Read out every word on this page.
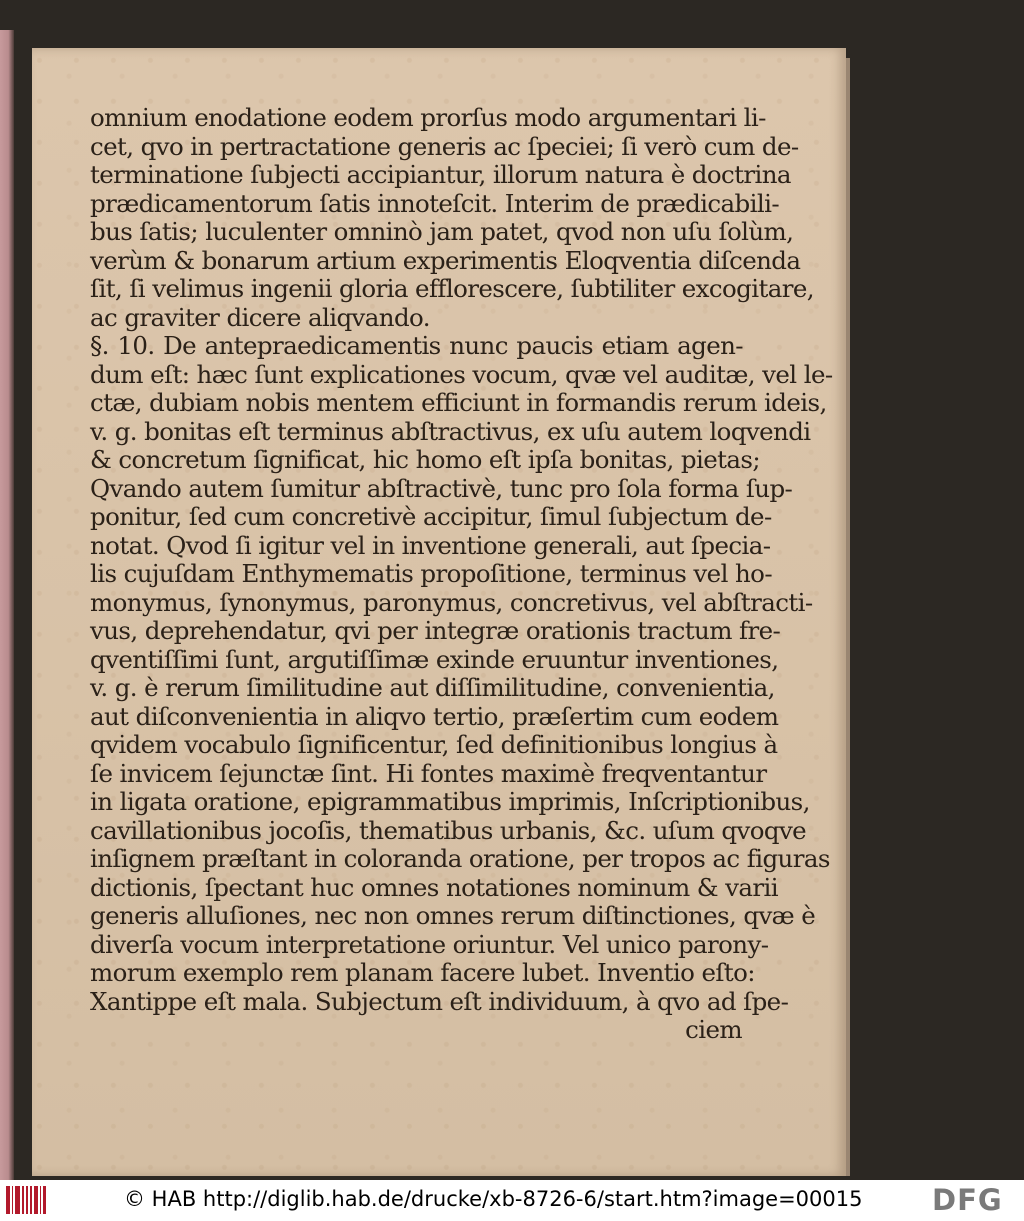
omnium enodatione eodem prorſus modo argumentari li-
cet, qvo in pertractatione generis ac ſpeciei; ſi verò cum de-
terminatione ſubjecti accipiantur, illorum natura è doctrina
prædicamentorum ſatis innoteſcit. Interim de prædicabili-
bus ſatis; luculenter omninò jam patet, qvod non uſu ſolùm,
verùm & bonarum artium experimentis Eloqventia diſcenda
ſit, ſi velimus ingenii gloria efflorescere, ſubtiliter excogitare,
ac graviter dicere aliqvando.
§. 10. De antepraedicamentis nunc paucis etiam agen-
dum eſt: hæc ſunt explicationes vocum, qvæ vel auditæ, vel le-
ctæ, dubiam nobis mentem efficiunt in formandis rerum ideis,
v. g. bonitas eſt terminus abſtractivus, ex uſu autem loqvendi
& concretum ſignificat, hic homo eſt ipſa bonitas, pietas;
Qvando autem ſumitur abſtractivè, tunc pro ſola forma ſup-
ponitur, ſed cum concretivè accipitur, ſimul ſubjectum de-
notat. Qvod ſi igitur vel in inventione generali, aut ſpecia-
lis cujuſdam Enthymematis propoſitione, terminus vel ho-
monymus, ſynonymus, paronymus, concretivus, vel abſtracti-
vus, deprehendatur, qvi per integræ orationis tractum fre-
qventiſſimi ſunt, argutiſſimæ exinde eruuntur inventiones,
v. g. è rerum ſimilitudine aut diſſimilitudine, convenientia,
aut diſconvenientia in aliqvo tertio, præſertim cum eodem
qvidem vocabulo ſignificentur, ſed definitionibus longius à
ſe invicem ſejunctæ ſint. Hi fontes maximè freqventantur
in ligata oratione, epigrammatibus imprimis, Inſcriptionibus,
cavillationibus jocoſis, thematibus urbanis, &c. uſum qvoqve
inſignem præſtant in coloranda oratione, per tropos ac figuras
dictionis, ſpectant huc omnes notationes nominum & varii
generis alluſiones, nec non omnes rerum diſtinctiones, qvæ è
diverſa vocum interpretatione oriuntur. Vel unico parony-
morum exemplo rem planam facere lubet. Inventio eſto:
Xantippe eſt mala. Subjectum eſt individuum, à qvo ad ſpe-
ciem
© HAB http://diglib.hab.de/drucke/xb-8726-6/start.htm?image=00015 DFG
